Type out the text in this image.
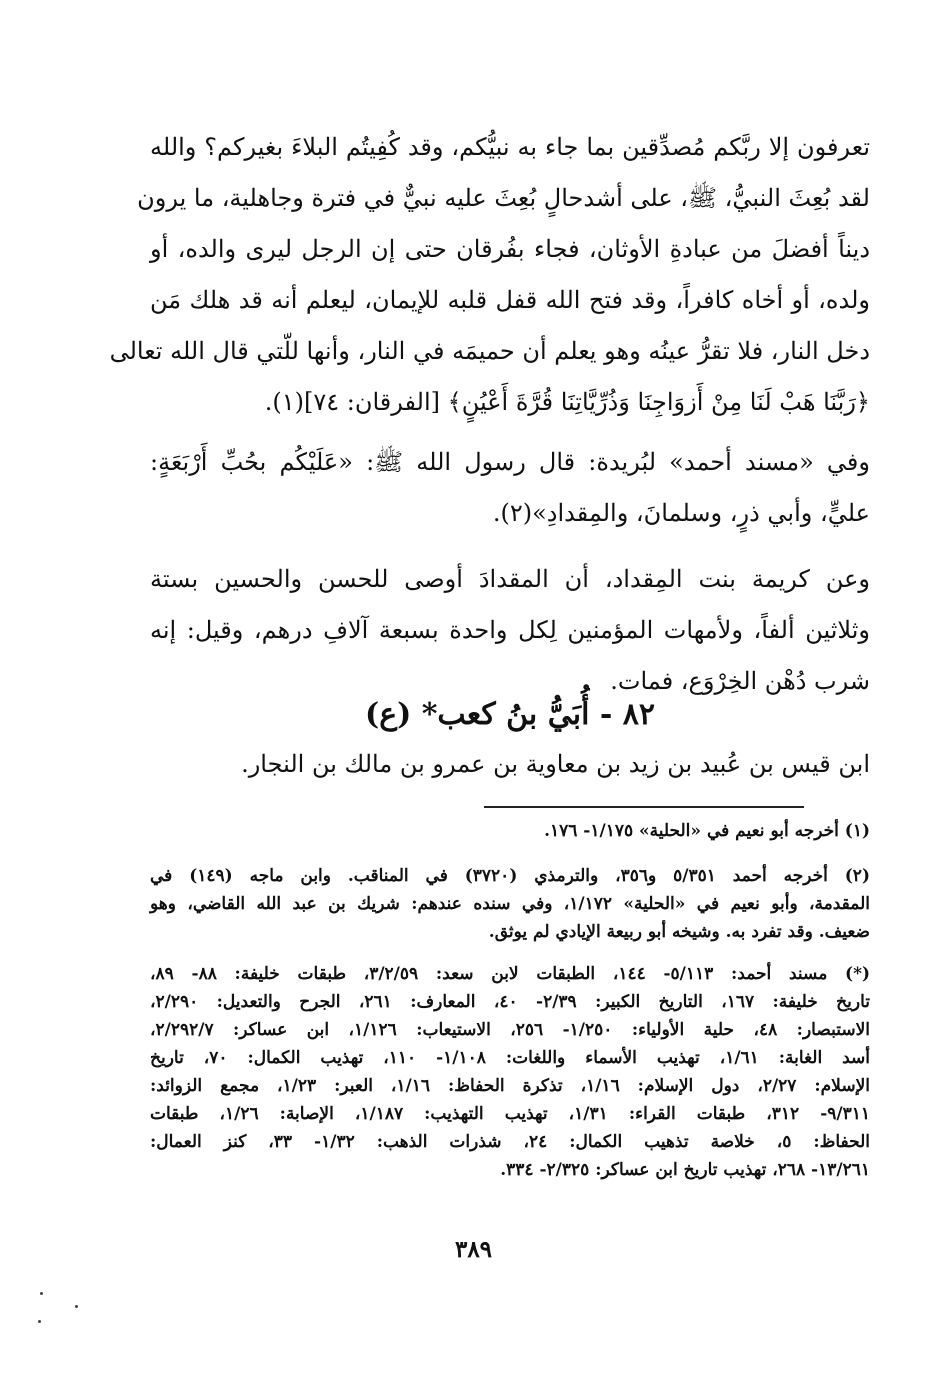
تعرفون إلا ربَّكم مُصدِّقين بما جاء به نبيُّكم، وقد كُفِيتُم البلاءَ بغيركم؟ والله
لقد بُعِثَ النبيُّ، ﷺ، على أشدحالٍ بُعِثَ عليه نبيٌّ في فترة وجاهلية، ما يرون
ديناً أفضلَ من عبادةِ الأوثان، فجاء بفُرقان حتى إن الرجل ليرى والده، أو
ولده، أو أخاه كافراً، وقد فتح الله قفل قلبه للإيمان، ليعلم أنه قد هلك مَن
دخل النار، فلا تقرُّ عينُه وهو يعلم أن حميمَه في النار، وأنها للّتي قال الله تعالى
﴿رَبَّنَا هَبْ لَنَا مِنْ أَزوَاجِنَا وَذُرِّيَّاتِنَا قُرَّةَ أَعْيُنٍ﴾ [الفرقان: ٧٤](١).
وفي «مسند أحمد» لبُريدة: قال رسول الله ﷺ: «عَلَيْكُم بحُبِّ أَرْبَعَةٍ:
عليٍّ، وأبي ذرٍ، وسلمانَ، والمِقدادِ»(٢).
وعن كريمة بنت المِقداد، أن المقدادَ أوصى للحسن والحسين بستة
وثلاثين ألفاً، ولأمهات المؤمنين لِكل واحدة بسبعة آلافِ درهم، وقيل: إنه
شرب دُهْن الخِرْوَع، فمات.
٨٢ - أُبَيُّ بنُ كعب* (ع)
ابن قيس بن عُبيد بن زيد بن معاوية بن عمرو بن مالك بن النجار.
(١) أخرجه أبو نعيم في «الحلية» ١/١٧٥- ١٧٦.
(٢) أخرجه أحمد ٥/٣٥١ و٣٥٦، والترمذي (٣٧٢٠) في المناقب. وابن ماجه (١٤٩) في
المقدمة، وأبو نعيم في «الحلية» ١/١٧٢، وفي سنده عندهم: شريك بن عبد الله القاضي، وهو
ضعيف. وقد تفرد به. وشيخه أبو ربيعة الإيادي لم يوثق.
(*) مسند أحمد: ٥/١١٣- ١٤٤، الطبقات لابن سعد: ٣/٢/٥٩، طبقات خليفة: ٨٨- ٨٩،
تاريخ خليفة: ١٦٧، التاريخ الكبير: ٢/٣٩- ٤٠، المعارف: ٢٦١، الجرح والتعديل: ٢/٢٩٠،
الاستبصار: ٤٨، حلية الأولياء: ١/٢٥٠- ٢٥٦، الاستيعاب: ١/١٢٦، ابن عساكر: ٢/٢٩٢/٧،
أسد الغابة: ١/٦١، تهذيب الأسماء واللغات: ١/١٠٨- ١١٠، تهذيب الكمال: ٧٠، تاريخ
الإسلام: ٢/٢٧، دول الإسلام: ١/١٦، تذكرة الحفاظ: ١/١٦، العبر: ١/٢٣، مجمع الزوائد:
٩/٣١١- ٣١٢، طبقات القراء: ١/٣١، تهذيب التهذيب: ١/١٨٧، الإصابة: ١/٢٦، طبقات
الحفاظ: ٥، خلاصة تذهيب الكمال: ٢٤، شذرات الذهب: ١/٣٢- ٣٣، كنز العمال:
١٣/٢٦١- ٢٦٨، تهذيب تاريخ ابن عساكر: ٢/٣٢٥- ٣٣٤.
٣٨٩
